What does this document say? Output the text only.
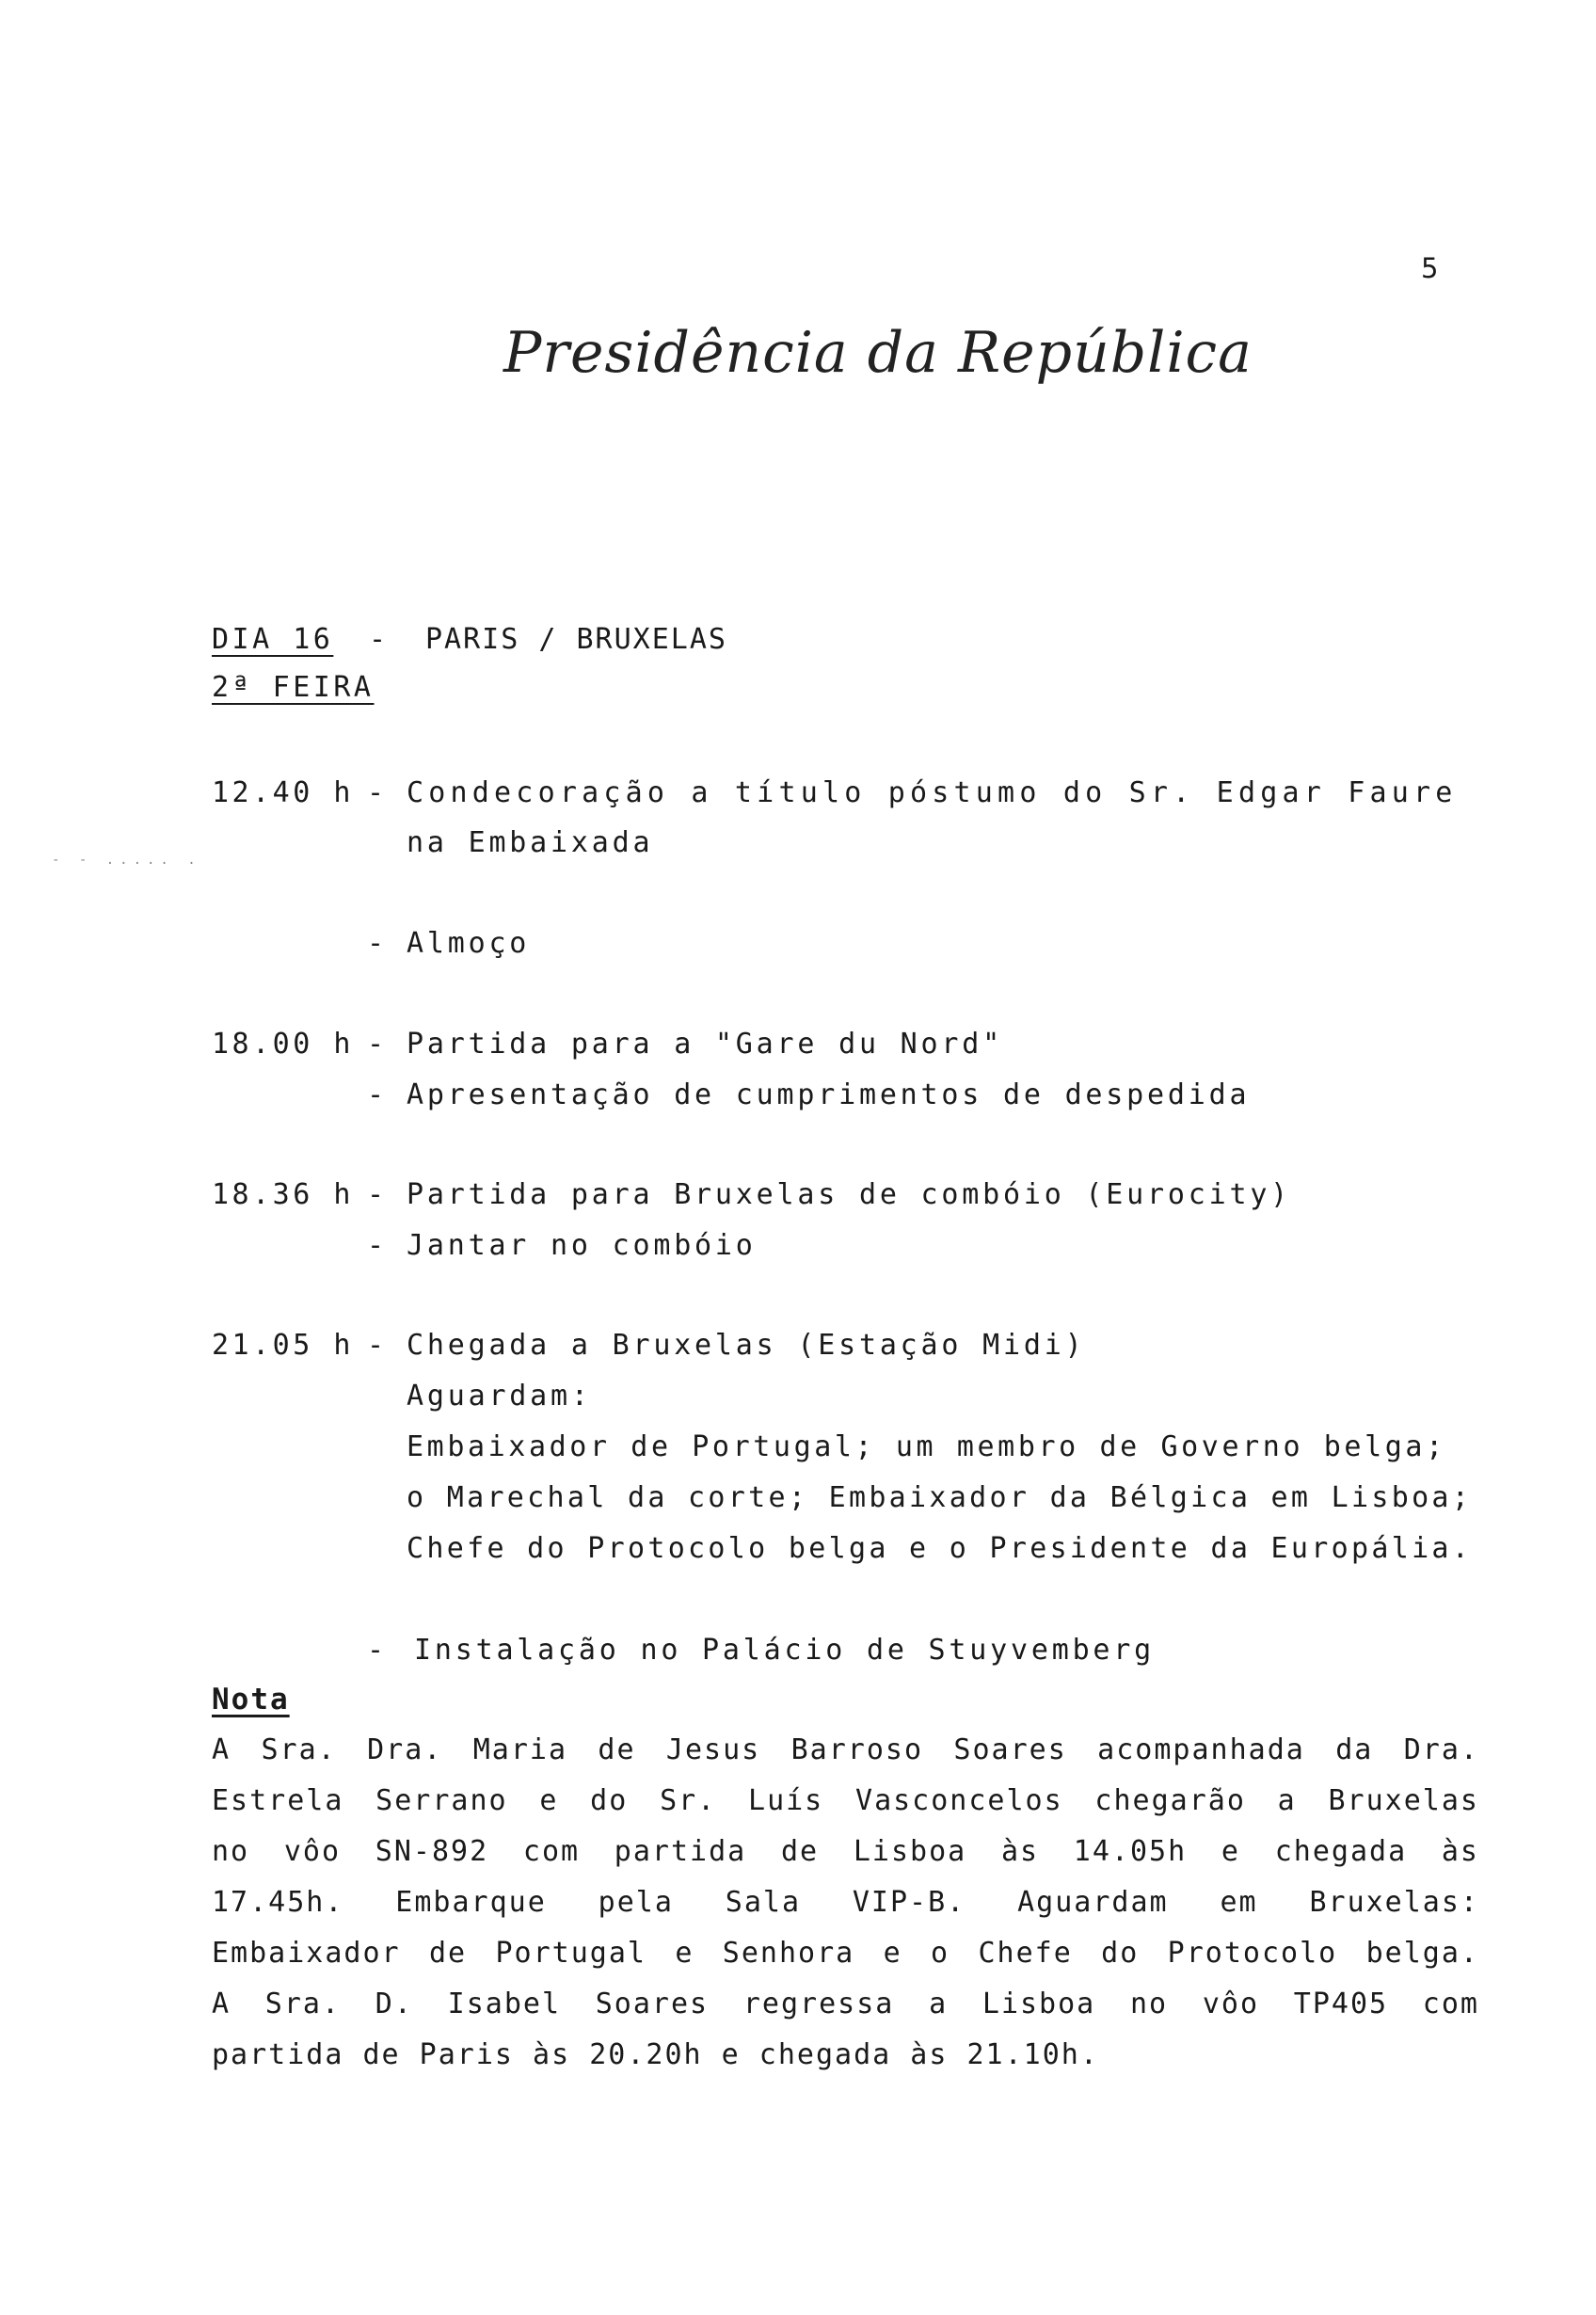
5
Presidência da República
- - ..... .
DIA 16 - PARIS / BRUXELAS
2ª FEIRA
12.40 h - Condecoração a título póstumo do Sr. Edgar Faure
na Embaixada
- Almoço
18.00 h - Partida para a "Gare du Nord"
- Apresentação de cumprimentos de despedida
18.36 h - Partida para Bruxelas de combóio (Eurocity)
- Jantar no combóio
21.05 h - Chegada a Bruxelas (Estação Midi)
Aguardam:
Embaixador de Portugal; um membro de Governo belga;
o Marechal da corte; Embaixador da Bélgica em Lisboa;
Chefe do Protocolo belga e o Presidente da Europália.
- Instalação no Palácio de Stuyvemberg
Nota
A Sra. Dra. Maria de Jesus Barroso Soares acompanhada da Dra.
Estrela Serrano e do Sr. Luís Vasconcelos chegarão a Bruxelas
no vôo SN-892 com partida de Lisboa às 14.05h e chegada às
17.45h. Embarque pela Sala VIP-B. Aguardam em Bruxelas:
Embaixador de Portugal e Senhora e o Chefe do Protocolo belga.
A Sra. D. Isabel Soares regressa a Lisboa no vôo TP405 com
partida de Paris às 20.20h e chegada às 21.10h.
